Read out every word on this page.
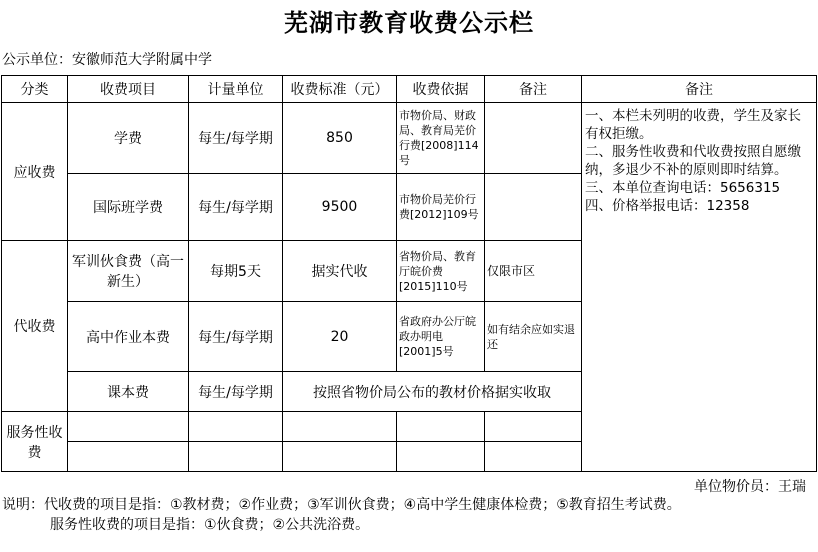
芜湖市教育收费公示栏
公示单位：安徽师范大学附属中学
分类	收费项目	计量单位	收费标准（元）	收费依据	备注	备注
应收费	学费	每生/每学期	850	市物价局、财政局、教育局芜价行费[2008]114号		一、本栏未列明的收费，学生及家长有权拒缴。
二、服务性收费和代收费按照自愿缴纳，多退少不补的原则即时结算。
三、本单位查询电话：5656315
四、价格举报电话：12358

	国际班学费	每生/每学期	9500	市物价局芜价行费[2012]109号		
代收费	军训伙食费（高一新生）	每期5天	据实代收	省物价局、教育厅皖价费[2015]110号	仅限市区	
	高中作业本费	每生/每学期	20	省政府办公厅皖政办明电[2001]5号	如有结余应如实退还	
	课本费	每生/每学期	按照省物价局公布的教材价格据实收取			
服务性收费						

单位物价员：王瑞
说明：代收费的项目是指：①教材费；②作业费；③军训伙食费；④高中学生健康体检费；⑤教育招生考试费。
服务性收费的项目是指：①伙食费；②公共洗浴费。
